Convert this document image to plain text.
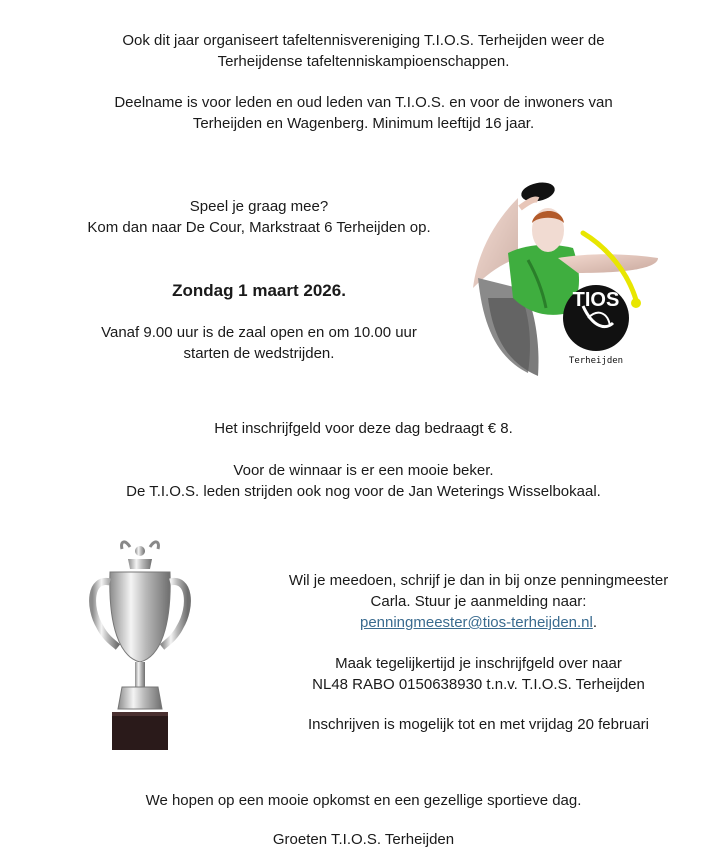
Ook dit jaar organiseert tafeltennisvereniging T.I.O.S. Terheijden weer de
Terheijdense tafeltenniskampioenschappen.
Deelname is voor leden en oud leden van T.I.O.S. en voor de inwoners van
Terheijden en Wagenberg. Minimum leeftijd 16 jaar.
Speel je graag mee?
Kom dan naar De Cour, Markstraat 6 Terheijden op.
Zondag 1 maart 2026.
Vanaf 9.00 uur is de zaal open en om 10.00 uur
starten de wedstrijden.
TIOS
Terheijden
Het inschrijfgeld voor deze dag bedraagt € 8.
Voor de winnaar is er een mooie beker.
De T.I.O.S. leden strijden ook nog voor de Jan Weterings Wisselbokaal.
Wil je meedoen, schrijf je dan in bij onze penningmeester
Carla. Stuur je aanmelding naar:
penningmeester@tios-terheijden.nl.
Maak tegelijkertijd je inschrijfgeld over naar
NL48 RABO 0150638930 t.n.v. T.I.O.S. Terheijden
Inschrijven is mogelijk tot en met vrijdag 20 februari
We hopen op een mooie opkomst en een gezellige sportieve dag.
Groeten T.I.O.S. Terheijden
